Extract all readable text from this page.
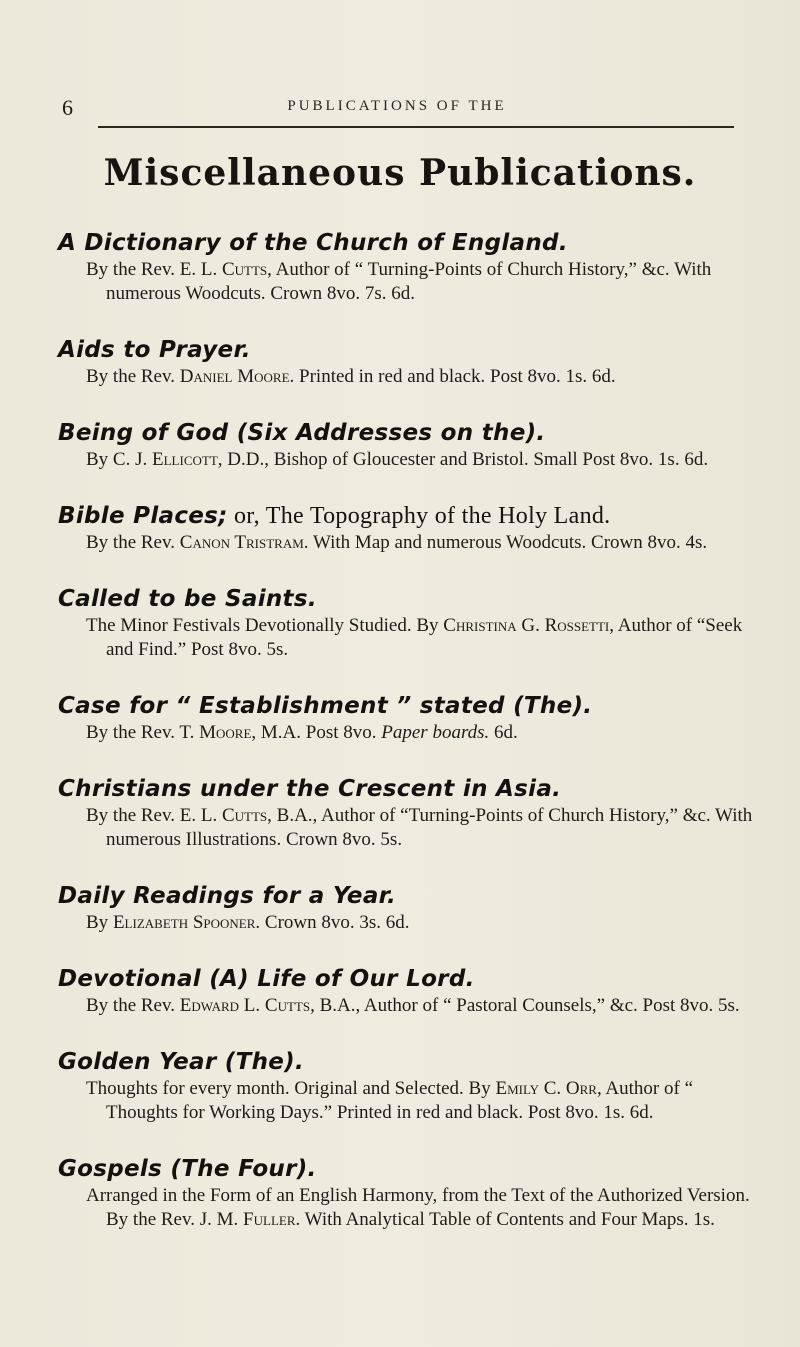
6	PUBLICATIONS OF THE
Miscellaneous Publications.
A Dictionary of the Church of England.
By the Rev. E. L. Cutts, Author of “ Turning-Points of Church History,” &c. With numerous Woodcuts. Crown 8vo. 7s. 6d.
Aids to Prayer.
By the Rev. Daniel Moore. Printed in red and black. Post 8vo. 1s. 6d.
Being of God (Six Addresses on the).
By C. J. Ellicott, D.D., Bishop of Gloucester and Bristol. Small Post 8vo. 1s. 6d.
Bible Places; or, The Topography of the Holy Land.
By the Rev. Canon Tristram. With Map and numerous Woodcuts. Crown 8vo. 4s.
Called to be Saints.
The Minor Festivals Devotionally Studied. By Christina G. Rossetti, Author of “Seek and Find.” Post 8vo. 5s.
Case for “ Establishment ” stated (The).
By the Rev. T. Moore, M.A. Post 8vo. Paper boards. 6d.
Christians under the Crescent in Asia.
By the Rev. E. L. Cutts, B.A., Author of “Turning-Points of Church History,” &c. With numerous Illustrations. Crown 8vo. 5s.
Daily Readings for a Year.
By Elizabeth Spooner. Crown 8vo. 3s. 6d.
Devotional (A) Life of Our Lord.
By the Rev. Edward L. Cutts, B.A., Author of “ Pastoral Counsels,” &c. Post 8vo. 5s.
Golden Year (The).
Thoughts for every month. Original and Selected. By Emily C. Orr, Author of “ Thoughts for Working Days.” Printed in red and black. Post 8vo. 1s. 6d.
Gospels (The Four).
Arranged in the Form of an English Harmony, from the Text of the Authorized Version. By the Rev. J. M. Fuller. With Analytical Table of Contents and Four Maps. 1s.
